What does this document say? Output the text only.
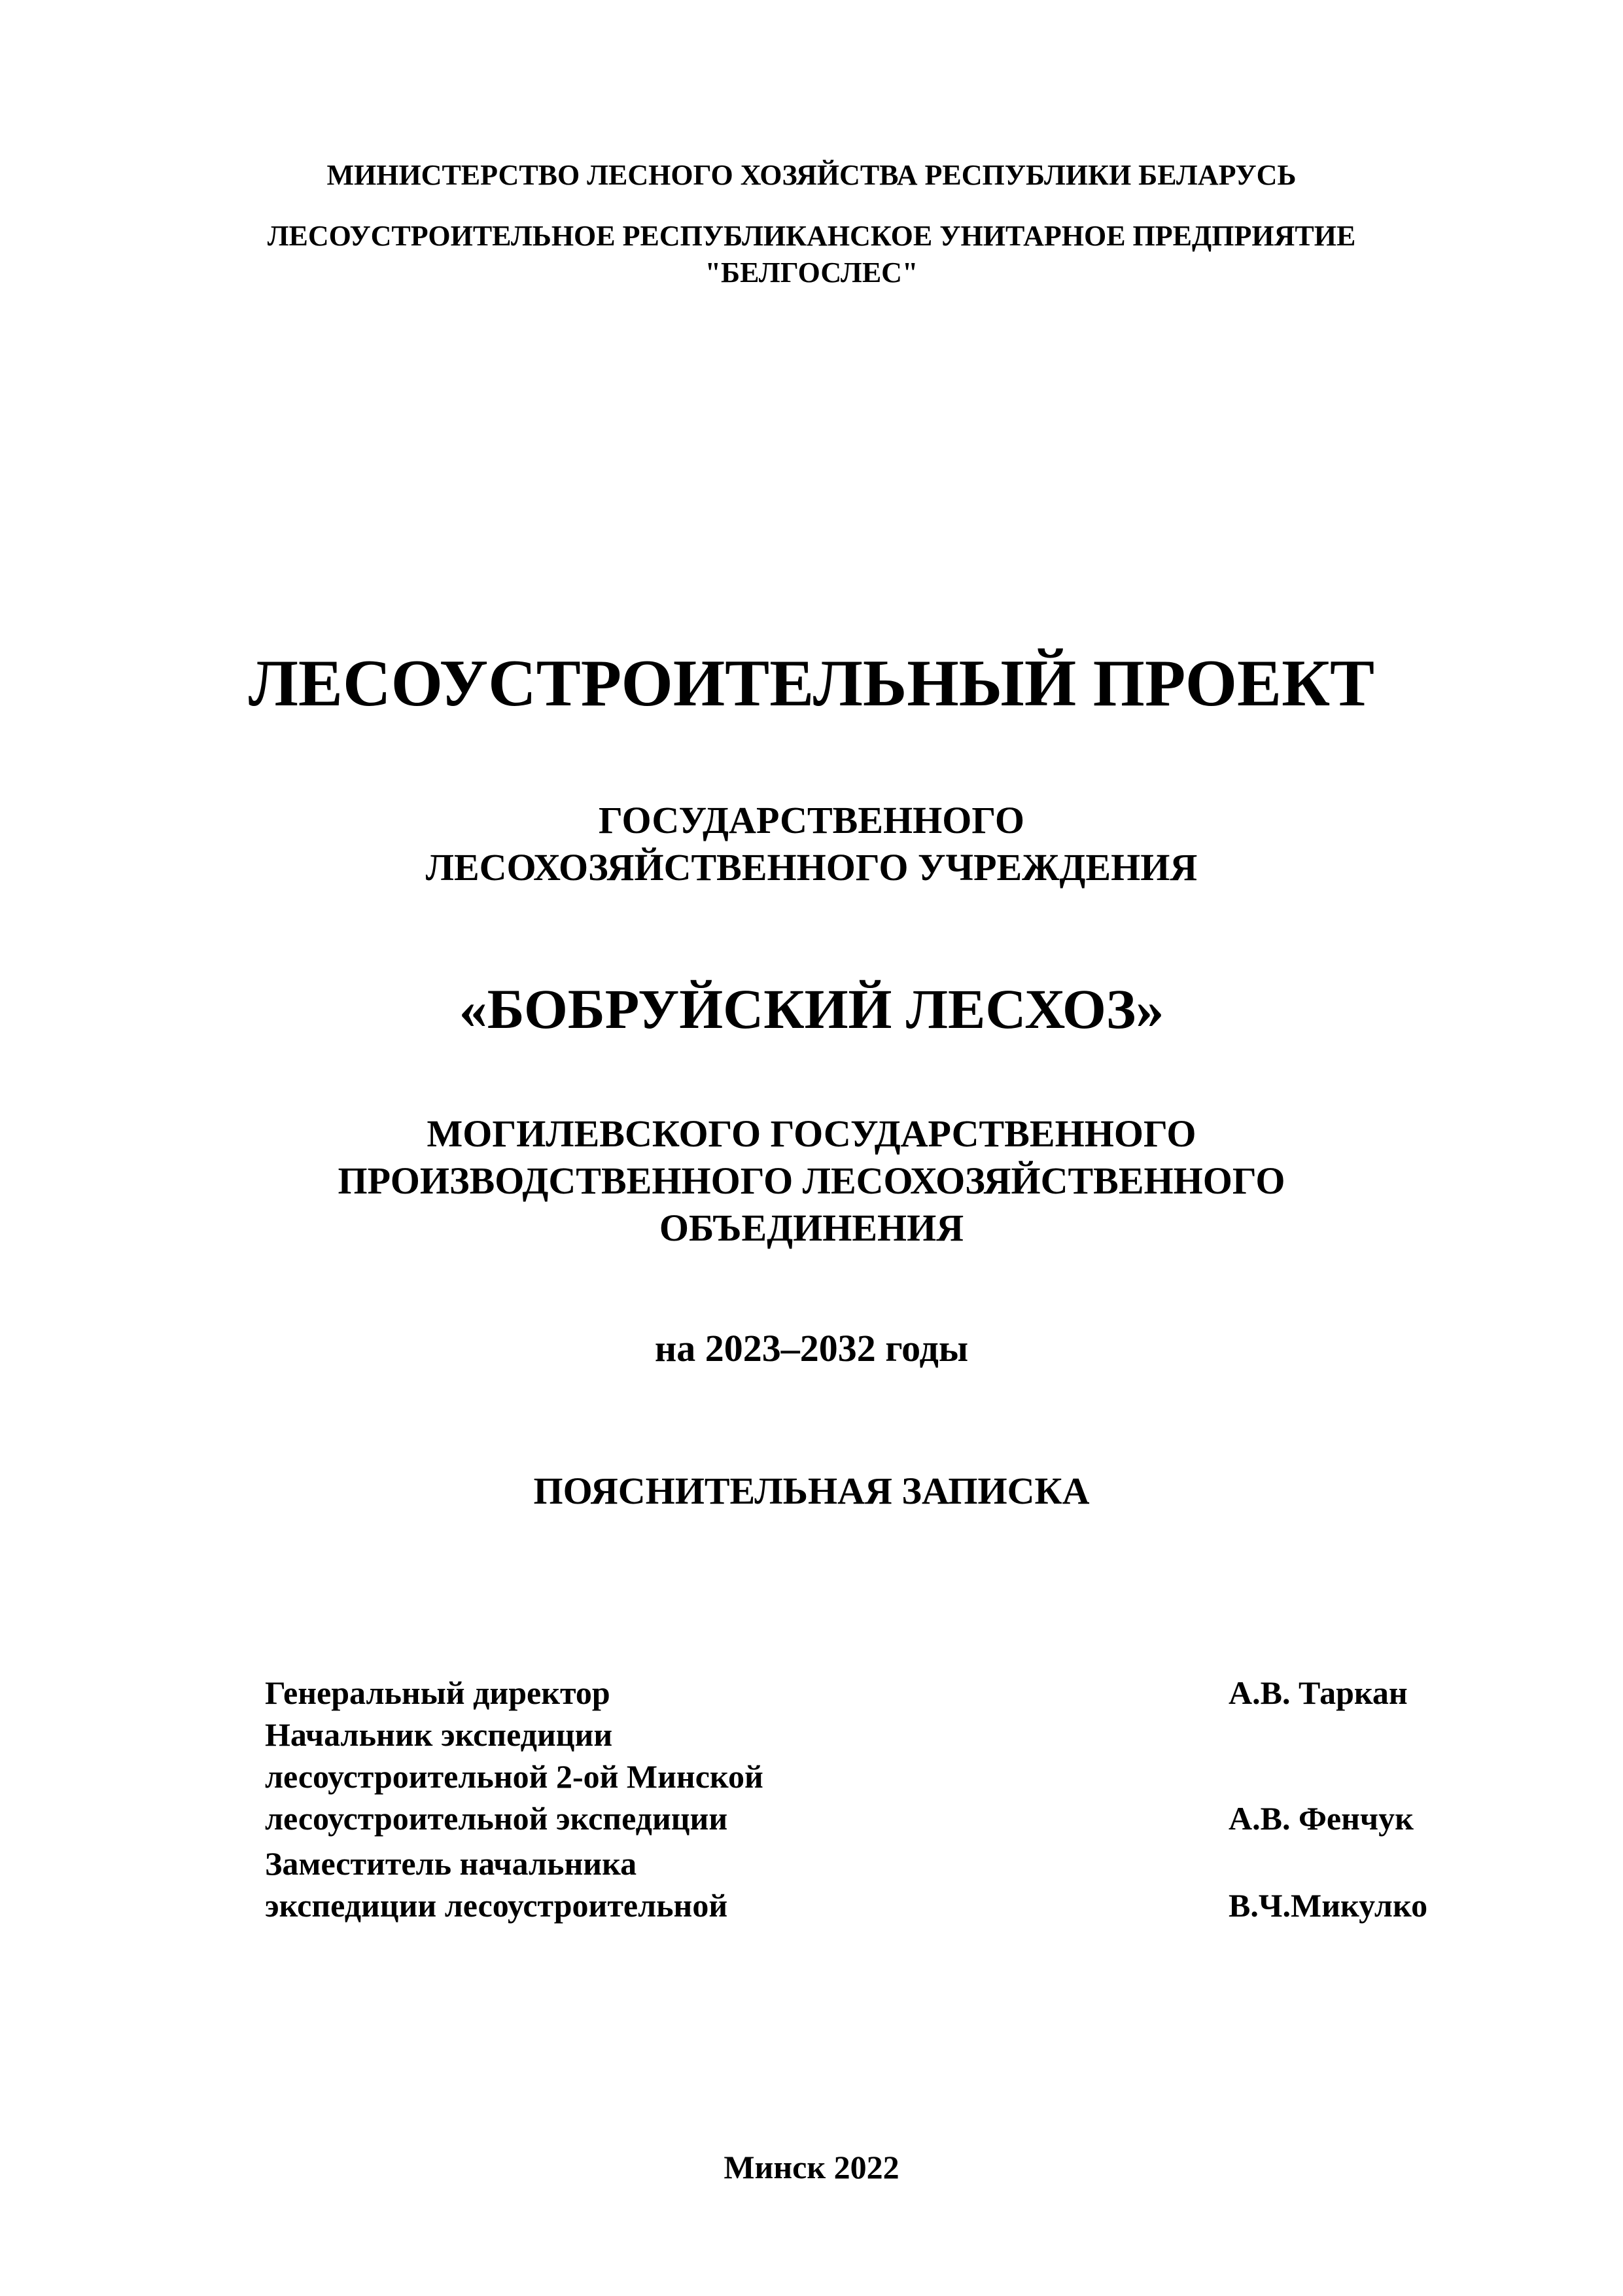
МИНИСТЕРСТВО ЛЕСНОГО ХОЗЯЙСТВА РЕСПУБЛИКИ БЕЛАРУСЬ
ЛЕСОУСТРОИТЕЛЬНОЕ РЕСПУБЛИКАНСКОЕ УНИТАРНОЕ ПРЕДПРИЯТИЕ
"БЕЛГОСЛЕС"
ЛЕСОУСТРОИТЕЛЬНЫЙ ПРОЕКТ
ГОСУДАРСТВЕННОГО
ЛЕСОХОЗЯЙСТВЕННОГО УЧРЕЖДЕНИЯ
«БОБРУЙСКИЙ ЛЕСХОЗ»
МОГИЛЕВСКОГО ГОСУДАРСТВЕННОГО
ПРОИЗВОДСТВЕННОГО ЛЕСОХОЗЯЙСТВЕННОГО
ОБЪЕДИНЕНИЯ
на 2023–2032 годы
ПОЯСНИТЕЛЬНАЯ ЗАПИСКА
Генеральный директор	А.В. Таркан
Начальник экспедиции
лесоустроительной 2-ой Минской
лесоустроительной экспедиции	А.В. Фенчук
Заместитель начальника
экспедиции лесоустроительной	В.Ч.Микулко
Минск 2022
